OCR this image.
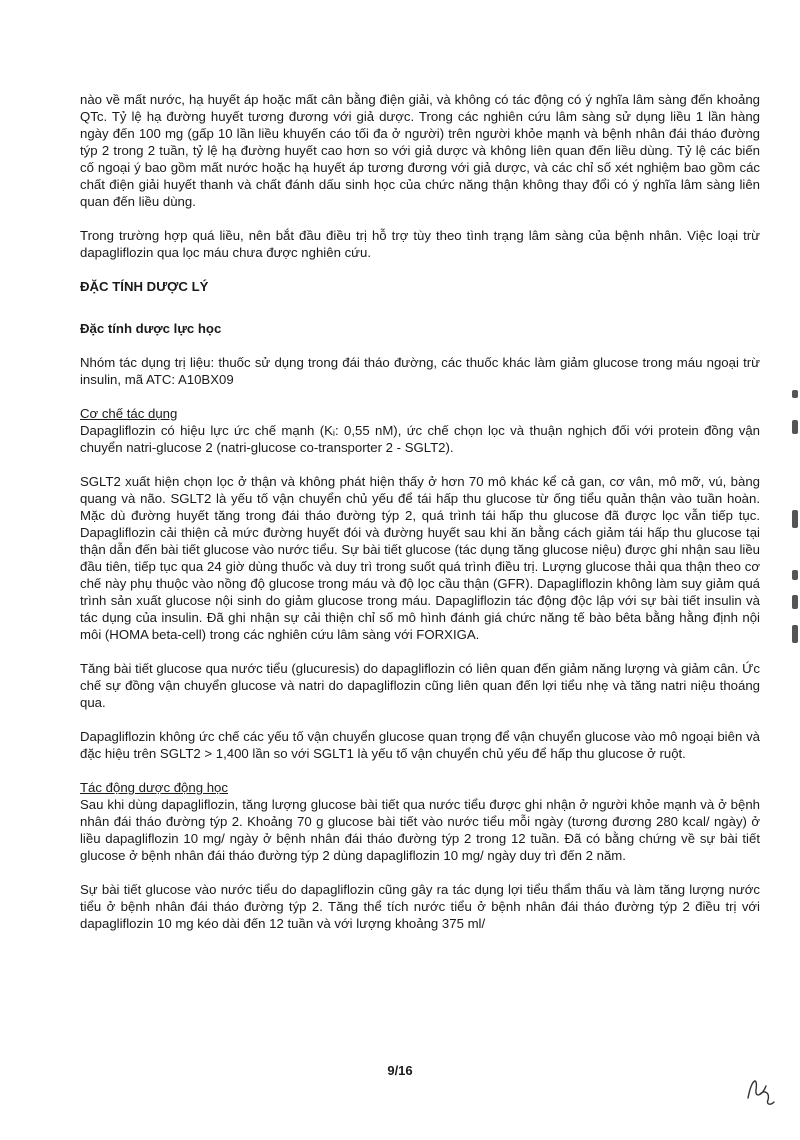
nào về mất nước, hạ huyết áp hoặc mất cân bằng điện giải, và không có tác động có ý nghĩa lâm sàng đến khoảng QTc. Tỷ lệ hạ đường huyết tương đương với giả dược. Trong các nghiên cứu lâm sàng sử dụng liều 1 lần hàng ngày đến 100 mg (gấp 10 lần liều khuyến cáo tối đa ở người) trên người khỏe mạnh và bệnh nhân đái tháo đường týp 2 trong 2 tuần, tỷ lệ hạ đường huyết cao hơn so với giả dược và không liên quan đến liều dùng. Tỷ lệ các biến cố ngoại ý bao gồm mất nước hoặc hạ huyết áp tương đương với giả dược, và các chỉ số xét nghiệm bao gồm các chất điện giải huyết thanh và chất đánh dấu sinh học của chức năng thận không thay đổi có ý nghĩa lâm sàng liên quan đến liều dùng.

Trong trường hợp quá liều, nên bắt đầu điều trị hỗ trợ tùy theo tình trạng lâm sàng của bệnh nhân. Việc loại trừ dapagliflozin qua lọc máu chưa được nghiên cứu.

ĐẶC TÍNH DƯỢC LÝ
Đặc tính dược lực học

Nhóm tác dụng trị liệu: thuốc sử dụng trong đái tháo đường, các thuốc khác làm giảm glucose trong máu ngoại trừ insulin, mã ATC: A10BX09

Cơ chế tác dụng

Dapagliflozin có hiệu lực ức chế mạnh (Kᵢ: 0,55 nM), ức chế chọn lọc và thuận nghịch đối với protein đồng vận chuyển natri-glucose 2 (natri-glucose co-transporter 2 - SGLT2).

SGLT2 xuất hiện chọn lọc ở thận và không phát hiện thấy ở hơn 70 mô khác kể cả gan, cơ vân, mô mỡ, vú, bàng quang và não. SGLT2 là yếu tố vận chuyển chủ yếu để tái hấp thu glucose từ ống tiểu quản thận vào tuần hoàn. Mặc dù đường huyết tăng trong đái tháo đường týp 2, quá trình tái hấp thu glucose đã được lọc vẫn tiếp tục. Dapagliflozin cải thiện cả mức đường huyết đói và đường huyết sau khi ăn bằng cách giảm tái hấp thu glucose tại thận dẫn đến bài tiết glucose vào nước tiểu. Sự bài tiết glucose (tác dụng tăng glucose niệu) được ghi nhận sau liều đầu tiên, tiếp tục qua 24 giờ dùng thuốc và duy trì trong suốt quá trình điều trị. Lượng glucose thải qua thận theo cơ chế này phụ thuộc vào nồng độ glucose trong máu và độ lọc cầu thận (GFR). Dapagliflozin không làm suy giảm quá trình sản xuất glucose nội sinh do giảm glucose trong máu. Dapagliflozin tác động độc lập với sự bài tiết insulin và tác dụng của insulin. Đã ghi nhận sự cải thiện chỉ số mô hình đánh giá chức năng tế bào bêta bằng hằng định nội môi (HOMA beta-cell) trong các nghiên cứu lâm sàng với FORXIGA.

Tăng bài tiết glucose qua nước tiểu (glucuresis) do dapagliflozin có liên quan đến giảm năng lượng và giảm cân. Ức chế sự đồng vận chuyển glucose và natri do dapagliflozin cũng liên quan đến lợi tiểu nhẹ và tăng natri niệu thoáng qua.

Dapagliflozin không ức chế các yếu tố vận chuyển glucose quan trọng để vận chuyển glucose vào mô ngoại biên và đặc hiệu trên SGLT2 > 1,400 lần so với SGLT1 là yếu tố vận chuyển chủ yếu để hấp thu glucose ở ruột.

Tác động dược động học

Sau khi dùng dapagliflozin, tăng lượng glucose bài tiết qua nước tiểu được ghi nhận ở người khỏe mạnh và ở bệnh nhân đái tháo đường týp 2. Khoảng 70 g glucose bài tiết vào nước tiểu mỗi ngày (tương đương 280 kcal/ ngày) ở liều dapagliflozin 10 mg/ ngày ở bệnh nhân đái tháo đường týp 2 trong 12 tuần. Đã có bằng chứng về sự bài tiết glucose ở bệnh nhân đái tháo đường týp 2 dùng dapagliflozin 10 mg/ ngày duy trì đến 2 năm.

Sự bài tiết glucose vào nước tiểu do dapagliflozin cũng gây ra tác dụng lợi tiểu thẩm thấu và làm tăng lượng nước tiểu ở bệnh nhân đái tháo đường týp 2. Tăng thể tích nước tiểu ở bệnh nhân đái tháo đường týp 2 điều trị với dapagliflozin 10 mg kéo dài đến 12 tuần và với lượng khoảng 375 ml/

9/16
